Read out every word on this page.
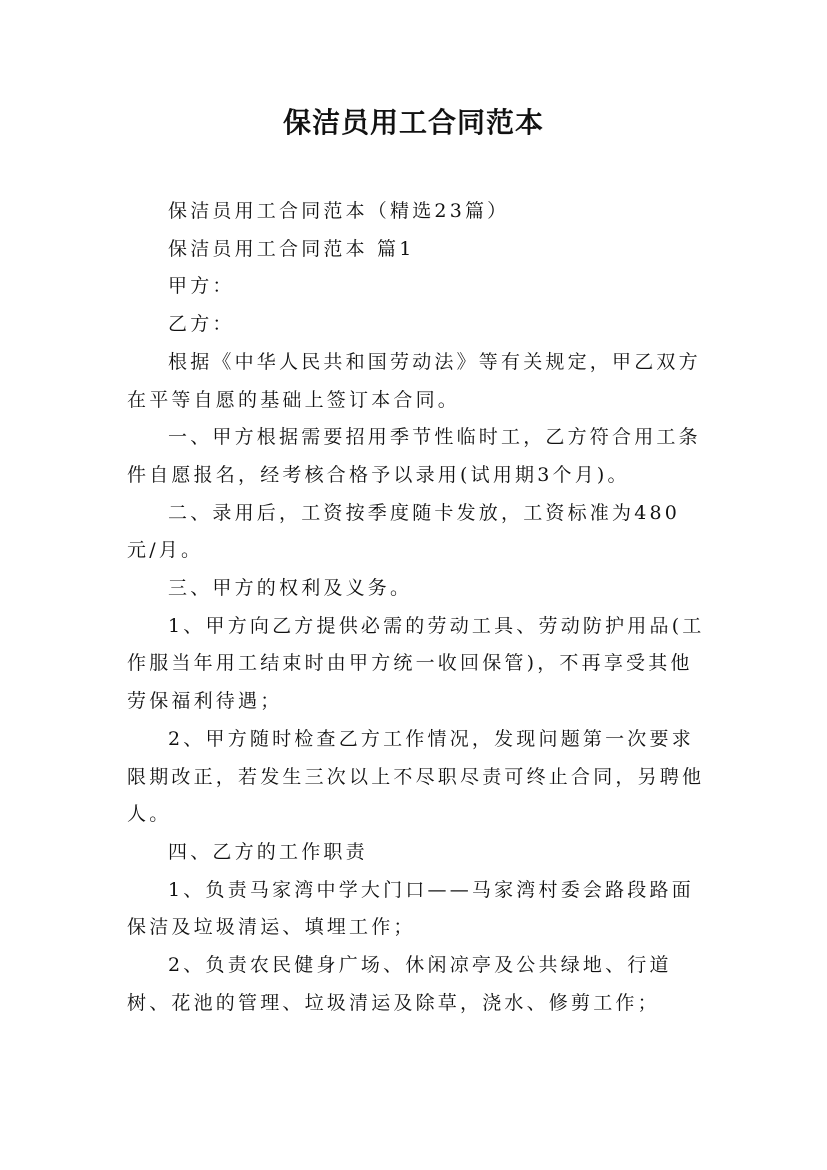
保洁员用工合同范本

保洁员用工合同范本（精选23篇）

保洁员用工合同范本 篇1

甲方：

乙方：

根据《中华人民共和国劳动法》等有关规定，甲乙双方在平等自愿的基础上签订本合同。

一、甲方根据需要招用季节性临时工，乙方符合用工条件自愿报名，经考核合格予以录用(试用期3个月)。

二、录用后，工资按季度随卡发放，工资标准为480元/月。

三、甲方的权利及义务。

1、甲方向乙方提供必需的劳动工具、劳动防护用品(工作服当年用工结束时由甲方统一收回保管)，不再享受其他劳保福利待遇；

2、甲方随时检查乙方工作情况，发现问题第一次要求限期改正，若发生三次以上不尽职尽责可终止合同，另聘他人。

四、乙方的工作职责

1、负责马家湾中学大门口——马家湾村委会路段路面保洁及垃圾清运、填埋工作；

2、负责农民健身广场、休闲凉亭及公共绿地、行道树、花池的管理、垃圾清运及除草，浇水、修剪工作；
